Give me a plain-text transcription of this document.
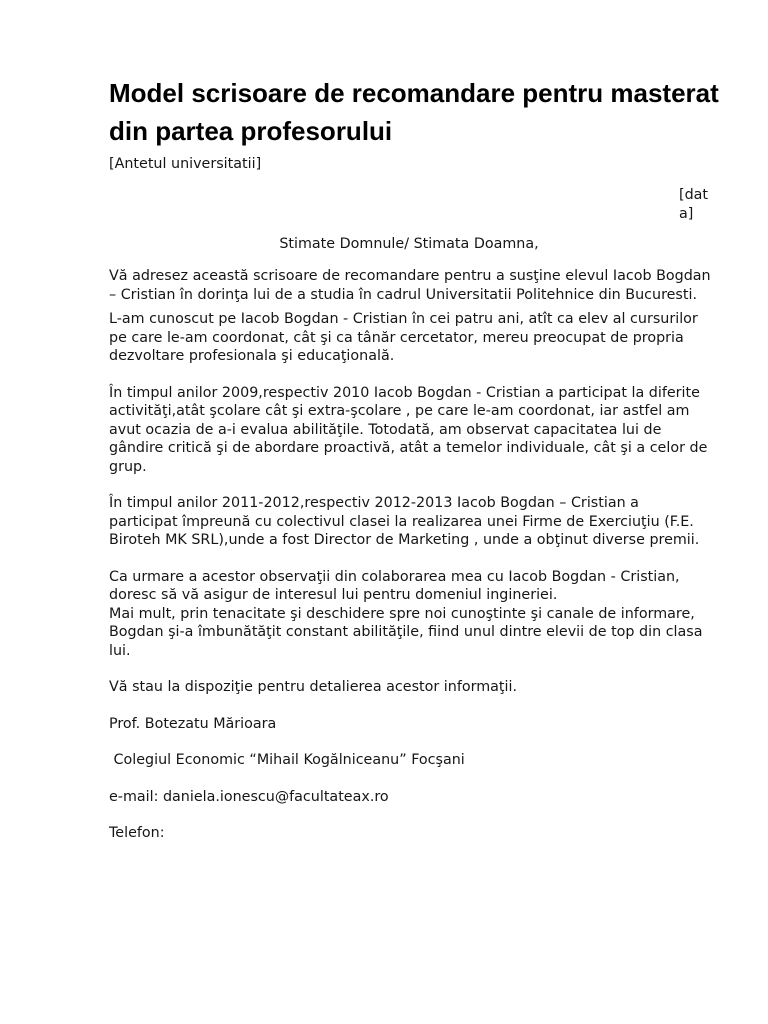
Model scrisoare de recomandare pentru masterat din partea profesorului

[Antetul universitatii]

[data]

Stimate Domnule/ Stimata Doamna,

Vă adresez această scrisoare de recomandare pentru a susţine elevul Iacob Bogdan – Cristian în dorinţa lui de a studia în cadrul Universitatii Politehnice din Bucuresti.

L-am cunoscut pe Iacob Bogdan - Cristian în cei patru ani, atît ca elev al cursurilor pe care le-am coordonat, cât şi ca tânăr cercetator, mereu preocupat de propria dezvoltare profesionala şi educaţională.

În timpul anilor 2009,respectiv 2010 Iacob Bogdan - Cristian a participat la diferite activităţi,atât şcolare cât şi extra-şcolare , pe care le-am coordonat, iar astfel am avut ocazia de a-i evalua abilităţile. Totodată, am observat capacitatea lui de gândire critică şi de abordare proactivă, atât a temelor individuale, cât şi a celor de grup.

În timpul anilor 2011-2012,respectiv 2012-2013 Iacob Bogdan – Cristian a participat împreună cu colectivul clasei la realizarea unei Firme de Exerciuţiu (F.E. Biroteh MK SRL),unde a fost Director de Marketing , unde a obţinut diverse premii.

Ca urmare a acestor observaţii din colaborarea mea cu Iacob Bogdan - Cristian, doresc să vă asigur de interesul lui pentru domeniul ingineriei.

Mai mult, prin tenacitate şi deschidere spre noi cunoştinte şi canale de informare, Bogdan şi-a îmbunătăţit constant abilităţile, fiind unul dintre elevii de top din clasa lui.

Vă stau la dispoziţie pentru detalierea acestor informaţii.

Prof. Botezatu Mărioara

Colegiul Economic “Mihail Kogălniceanu” Focşani

e-mail: daniela.ionescu@facultateax.ro

Telefon:
